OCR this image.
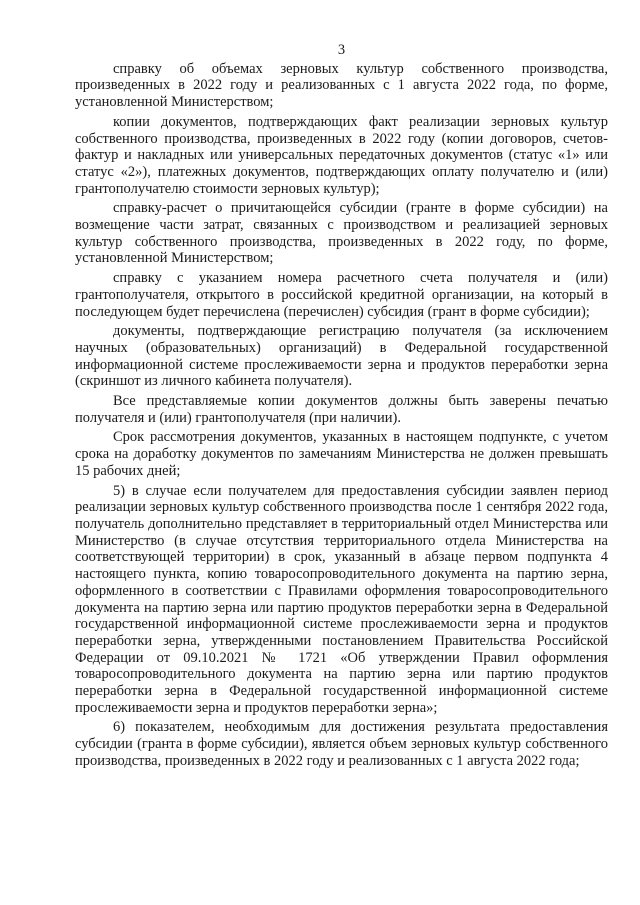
3

справку об объемах зерновых культур собственного производства, произведенных в 2022 году и реализованных с 1 августа 2022 года, по форме, установленной Министерством;

копии документов, подтверждающих факт реализации зерновых культур собственного производства, произведенных в 2022 году (копии договоров, счетов-фактур и накладных или универсальных передаточных документов (статус «1» или статус «2»), платежных документов, подтверждающих оплату получателю и (или) грантополучателю стоимости зерновых культур);

справку-расчет о причитающейся субсидии (гранте в форме субсидии) на возмещение части затрат, связанных с производством и реализацией зерновых культур собственного производства, произведенных в 2022 году, по форме, установленной Министерством;

справку с указанием номера расчетного счета получателя и (или) грантополучателя, открытого в российской кредитной организации, на который в последующем будет перечислена (перечислен) субсидия (грант в форме субсидии);

документы, подтверждающие регистрацию получателя (за исключением научных (образовательных) организаций) в Федеральной государственной информационной системе прослеживаемости зерна и продуктов переработки зерна (скриншот из личного кабинета получателя).

Все представляемые копии документов должны быть заверены печатью получателя и (или) грантополучателя (при наличии).

Срок рассмотрения документов, указанных в настоящем подпункте, с учетом срока на доработку документов по замечаниям Министерства не должен превышать 15 рабочих дней;

5) в случае если получателем для предоставления субсидии заявлен период реализации зерновых культур собственного производства после 1 сентября 2022 года, получатель дополнительно представляет в территориальный отдел Министерства или Министерство (в случае отсутствия территориального отдела Министерства на соответствующей территории) в срок, указанный в абзаце первом подпункта 4 настоящего пункта, копию товаросопроводительного документа на партию зерна, оформленного в соответствии с Правилами оформления товаросопроводительного документа на партию зерна или партию продуктов переработки зерна в Федеральной государственной информационной системе прослеживаемости зерна и продуктов переработки зерна, утвержденными постановлением Правительства Российской Федерации от 09.10.2021 № 1721 «Об утверждении Правил оформления товаросопроводительного документа на партию зерна или партию продуктов переработки зерна в Федеральной государственной информационной системе прослеживаемости зерна и продуктов переработки зерна»;

6) показателем, необходимым для достижения результата предоставления субсидии (гранта в форме субсидии), является объем зерновых культур собственного производства, произведенных в 2022 году и реализованных с 1 августа 2022 года;
